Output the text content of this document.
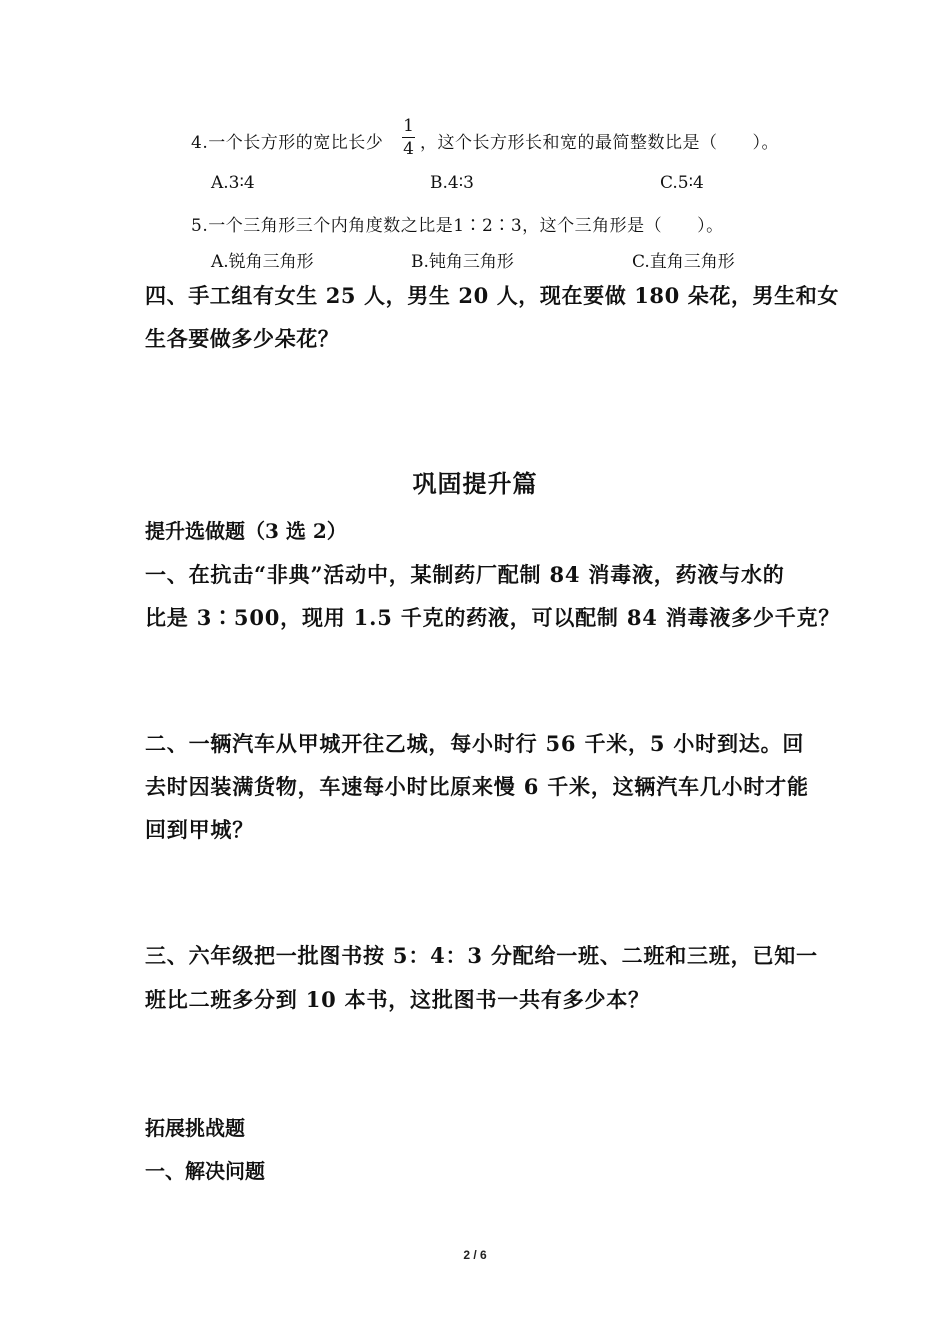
4.一个长方形的宽比长少
1
4 ，这个长方形长和宽的最简整数比是（　　）。
A.3∶4	B.4∶3	C.5∶4
5.一个三角形三个内角度数之比是1∶2∶3，这个三角形是（　　）。
A.锐角三角形	B.钝角三角形	C.直角三角形
四、手工组有女生 25 人，男生 20 人，现在要做 180 朵花，男生和女
生各要做多少朵花？
巩固提升篇
提升选做题（3 选 2）
一、在抗击“非典”活动中，某制药厂配制 84 消毒液，药液与水的
比是 3∶500，现用 1.5 千克的药液，可以配制 84 消毒液多少千克？
二、一辆汽车从甲城开往乙城，每小时行 56 千米，5 小时到达。回
去时因装满货物，车速每小时比原来慢 6 千米，这辆汽车几小时才能
回到甲城？
三、六年级把一批图书按 5：4：3 分配给一班、二班和三班，已知一
班比二班多分到 10 本书，这批图书一共有多少本？
拓展挑战题
一、解决问题
2 / 6
